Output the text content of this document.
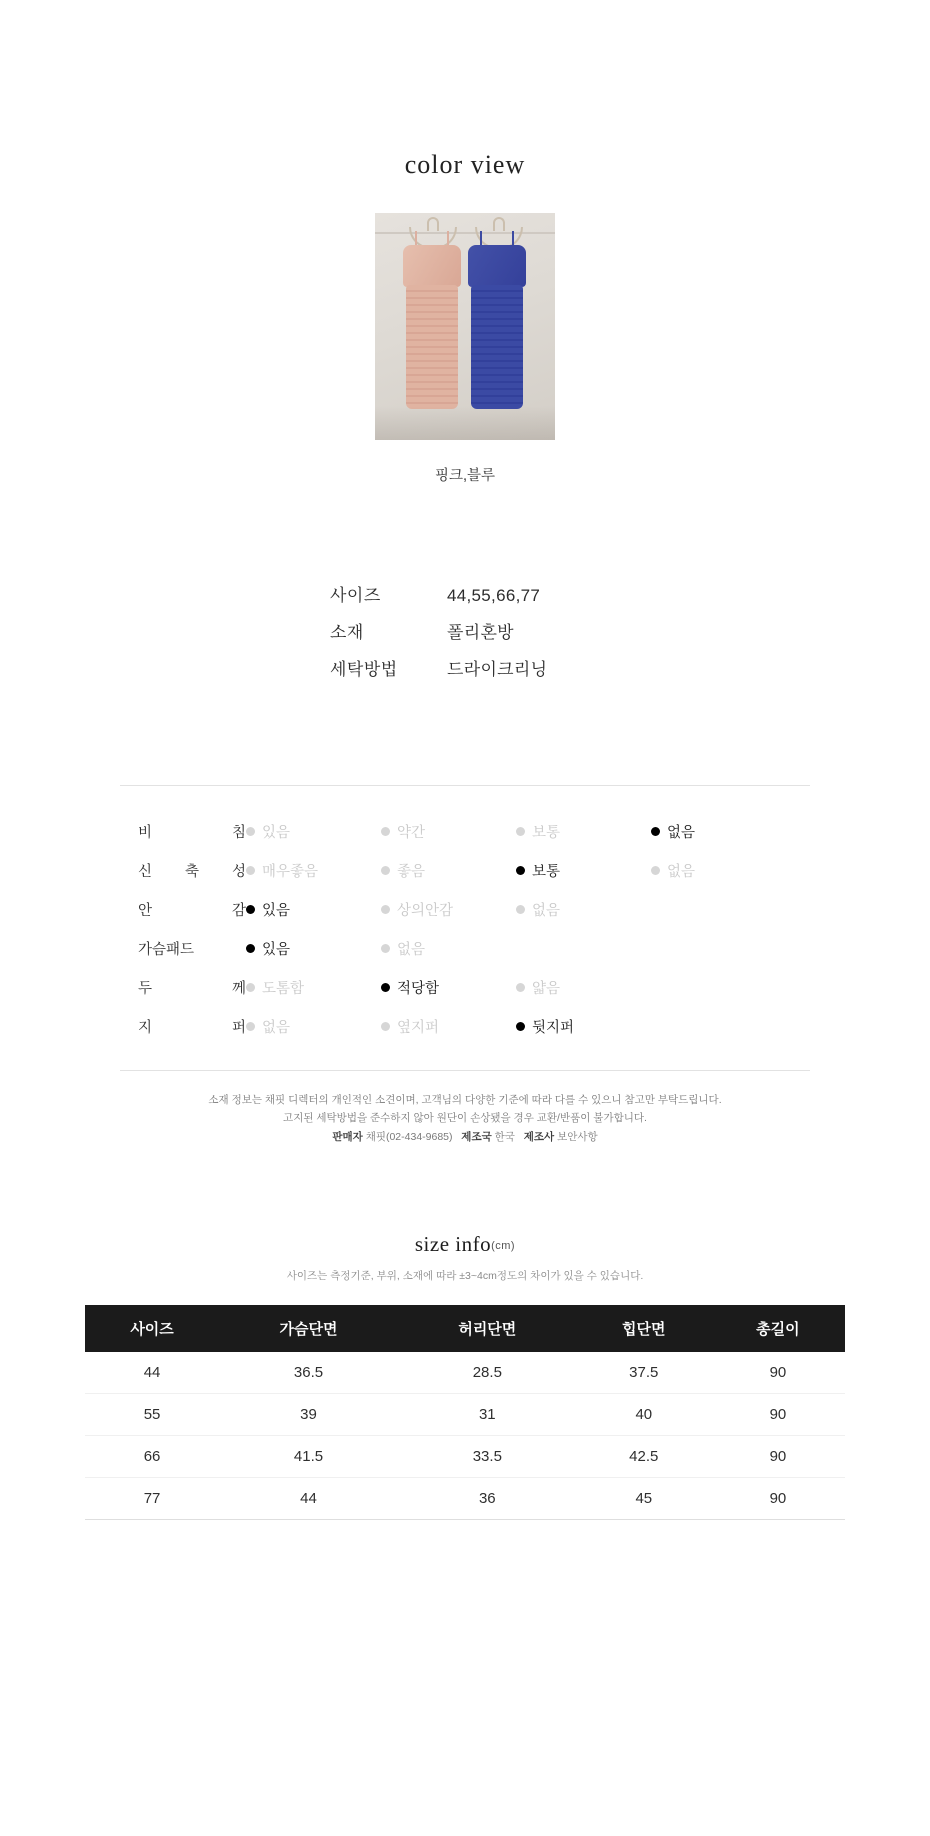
color view
핑크,블루
사이즈	44,55,66,77
소재	폴리혼방
세탁방법	드라이크리닝
비	침 있음	약간	보통	없음
신 축 성 매우좋음	좋음	보통	없음
안	감 있음	상의안감	없음
가슴패드	있음	없음
두	께 도톰함	적당함	얇음
지	퍼 없음	옆지퍼	뒷지퍼
소재 정보는 채핏 디렉터의 개인적인 소견이며, 고객님의 다양한 기준에 따라 다를 수 있으니 참고만 부탁드립니다.
고지된 세탁방법을 준수하지 않아 원단이 손상됐을 경우 교환/반품이 불가합니다.
판매자 채핏(02-434-9685) 제조국 한국 제조사 보안사항
size info(cm)
사이즈는 측정기준, 부위, 소재에 따라 ±3~4cm정도의 차이가 있을 수 있습니다.
사이즈	가슴단면	허리단면	힙단면	총길이
44	36.5	28.5	37.5	90
55	39	31	40	90
66	41.5	33.5	42.5	90
77	44	36	45	90
